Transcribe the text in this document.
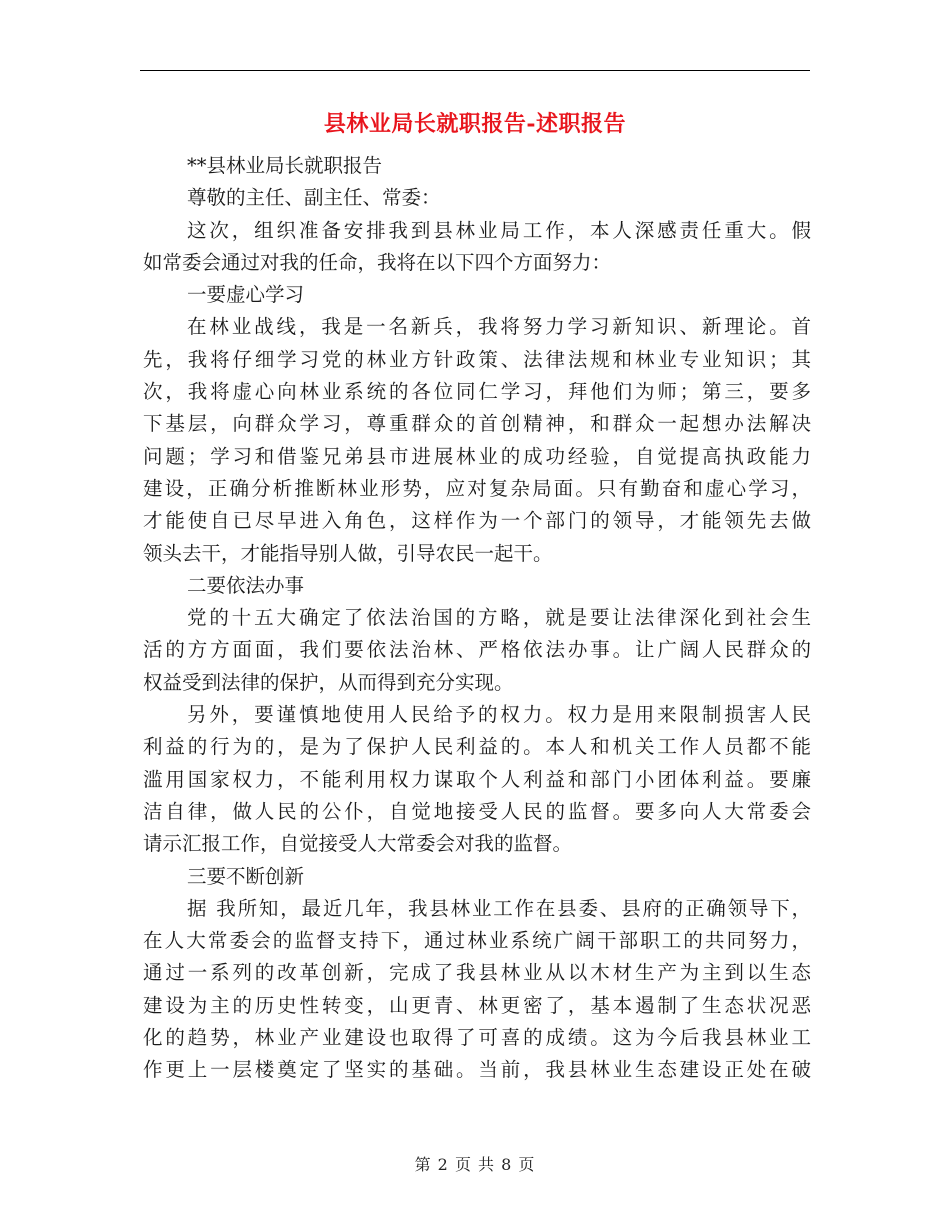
县林业局长就职报告-述职报告
**县林业局长就职报告
尊敬的主任、副主任、常委：
这次，组织准备安排我到县林业局工作，本人深感责任重大。假
如常委会通过对我的任命，我将在以下四个方面努力：
一要虚心学习
在林业战线，我是一名新兵，我将努力学习新知识、新理论。首
先，我将仔细学习党的林业方针政策、法律法规和林业专业知识；其
次，我将虚心向林业系统的各位同仁学习，拜他们为师；第三，要多
下基层，向群众学习，尊重群众的首创精神，和群众一起想办法解决
问题；学习和借鉴兄弟县市进展林业的成功经验，自觉提高执政能力
建设，正确分析推断林业形势，应对复杂局面。只有勤奋和虚心学习，
才能使自已尽早进入角色，这样作为一个部门的领导，才能领先去做
领头去干，才能指导别人做，引导农民一起干。
二要依法办事
党的十五大确定了依法治国的方略，就是要让法律深化到社会生
活的方方面面，我们要依法治林、严格依法办事。让广阔人民群众的
权益受到法律的保护，从而得到充分实现。
另外，要谨慎地使用人民给予的权力。权力是用来限制损害人民
利益的行为的，是为了保护人民利益的。本人和机关工作人员都不能
滥用国家权力，不能利用权力谋取个人利益和部门小团体利益。要廉
洁自律，做人民的公仆，自觉地接受人民的监督。要多向人大常委会
请示汇报工作，自觉接受人大常委会对我的监督。
三要不断创新
据 我所知，最近几年，我县林业工作在县委、县府的正确领导下，
在人大常委会的监督支持下，通过林业系统广阔干部职工的共同努力，
通过一系列的改革创新，完成了我县林业从以木材生产为主到以生态
建设为主的历史性转变，山更青、林更密了，基本遏制了生态状况恶
化的趋势，林业产业建设也取得了可喜的成绩。这为今后我县林业工
作更上一层楼奠定了坚实的基础。当前，我县林业生态建设正处在破
第 2 页 共 8 页
